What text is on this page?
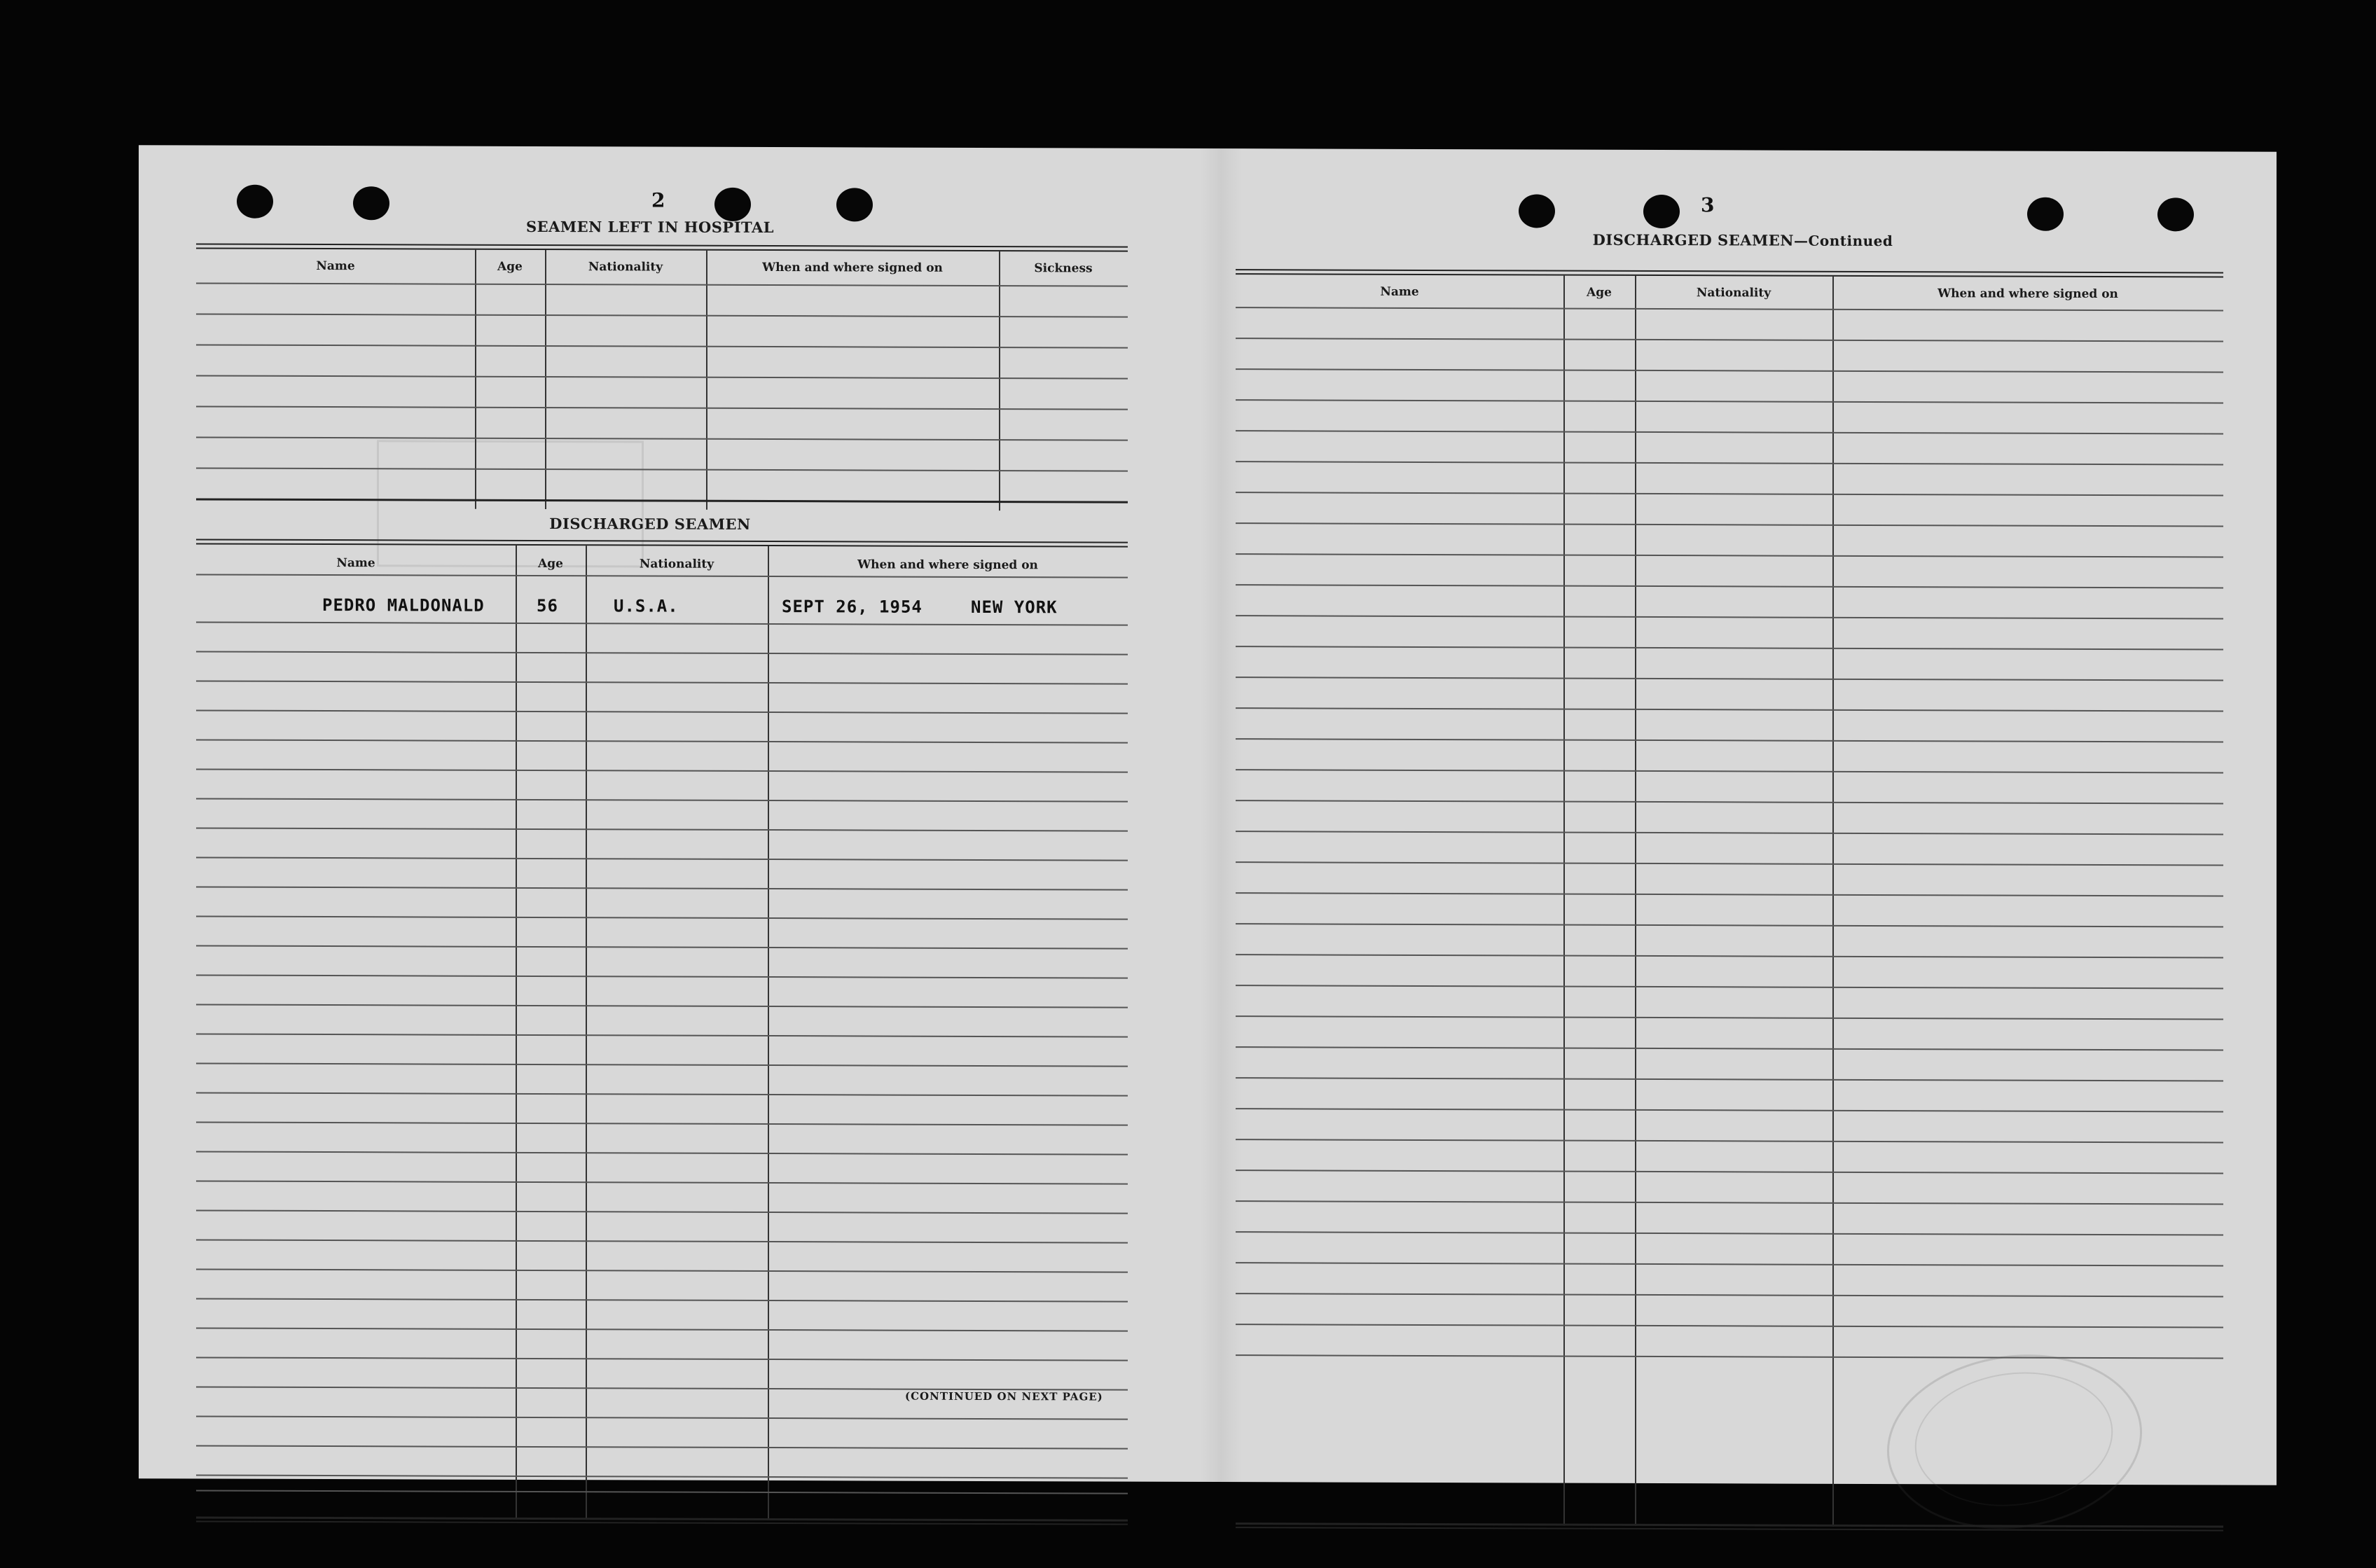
2
SEAMEN LEFT IN HOSPITAL
Name	Age	Nationality	When and where signed on	Sickness
DISCHARGED SEAMEN
Name	Age	Nationality	When and where signed on
PEDRO MALDONALD	56	U.S.A.	SEPT 26, 1954	NEW YORK
(CONTINUED ON NEXT PAGE)
3
DISCHARGED SEAMEN—Continued
Name	Age	Nationality	When and where signed on
